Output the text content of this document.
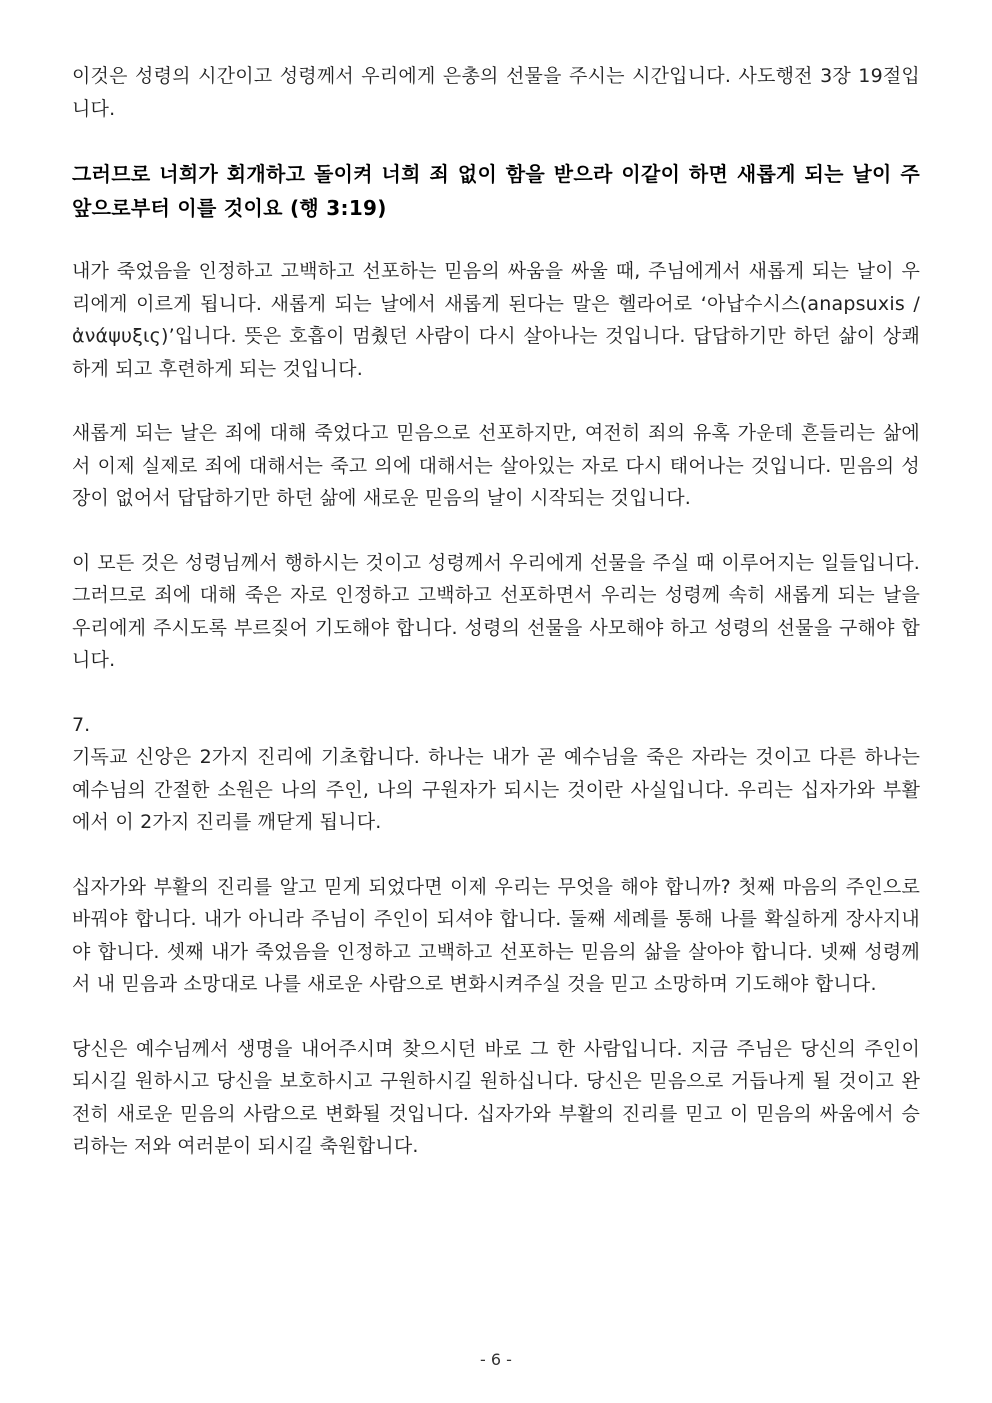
이것은 성령의 시간이고 성령께서 우리에게 은총의 선물을 주시는 시간입니다. 사도행전 3장 19절입니다.

그러므로 너희가 회개하고 돌이켜 너희 죄 없이 함을 받으라 이같이 하면 새롭게 되는 날이 주 앞으로부터 이를 것이요 (행 3:19)

내가 죽었음을 인정하고 고백하고 선포하는 믿음의 싸움을 싸울 때, 주님에게서 새롭게 되는 날이 우리에게 이르게 됩니다. 새롭게 되는 날에서 새롭게 된다는 말은 헬라어로 ‘아납수시스(anapsuxis / ἀνάψυξις)’입니다. 뜻은 호흡이 멈췄던 사람이 다시 살아나는 것입니다. 답답하기만 하던 삶이 상쾌하게 되고 후련하게 되는 것입니다.

새롭게 되는 날은 죄에 대해 죽었다고 믿음으로 선포하지만, 여전히 죄의 유혹 가운데 흔들리는 삶에서 이제 실제로 죄에 대해서는 죽고 의에 대해서는 살아있는 자로 다시 태어나는 것입니다. 믿음의 성장이 없어서 답답하기만 하던 삶에 새로운 믿음의 날이 시작되는 것입니다.

이 모든 것은 성령님께서 행하시는 것이고 성령께서 우리에게 선물을 주실 때 이루어지는 일들입니다. 그러므로 죄에 대해 죽은 자로 인정하고 고백하고 선포하면서 우리는 성령께 속히 새롭게 되는 날을 우리에게 주시도록 부르짖어 기도해야 합니다. 성령의 선물을 사모해야 하고 성령의 선물을 구해야 합니다.

7.

기독교 신앙은 2가지 진리에 기초합니다. 하나는 내가 곧 예수님을 죽은 자라는 것이고 다른 하나는 예수님의 간절한 소원은 나의 주인, 나의 구원자가 되시는 것이란 사실입니다. 우리는 십자가와 부활에서 이 2가지 진리를 깨닫게 됩니다.

십자가와 부활의 진리를 알고 믿게 되었다면 이제 우리는 무엇을 해야 합니까? 첫째 마음의 주인으로 바꿔야 합니다. 내가 아니라 주님이 주인이 되셔야 합니다. 둘째 세례를 통해 나를 확실하게 장사지내야 합니다. 셋째 내가 죽었음을 인정하고 고백하고 선포하는 믿음의 삶을 살아야 합니다. 넷째 성령께서 내 믿음과 소망대로 나를 새로운 사람으로 변화시켜주실 것을 믿고 소망하며 기도해야 합니다.

당신은 예수님께서 생명을 내어주시며 찾으시던 바로 그 한 사람입니다. 지금 주님은 당신의 주인이 되시길 원하시고 당신을 보호하시고 구원하시길 원하십니다. 당신은 믿음으로 거듭나게 될 것이고 완전히 새로운 믿음의 사람으로 변화될 것입니다. 십자가와 부활의 진리를 믿고 이 믿음의 싸움에서 승리하는 저와 여러분이 되시길 축원합니다.

- 6 -
